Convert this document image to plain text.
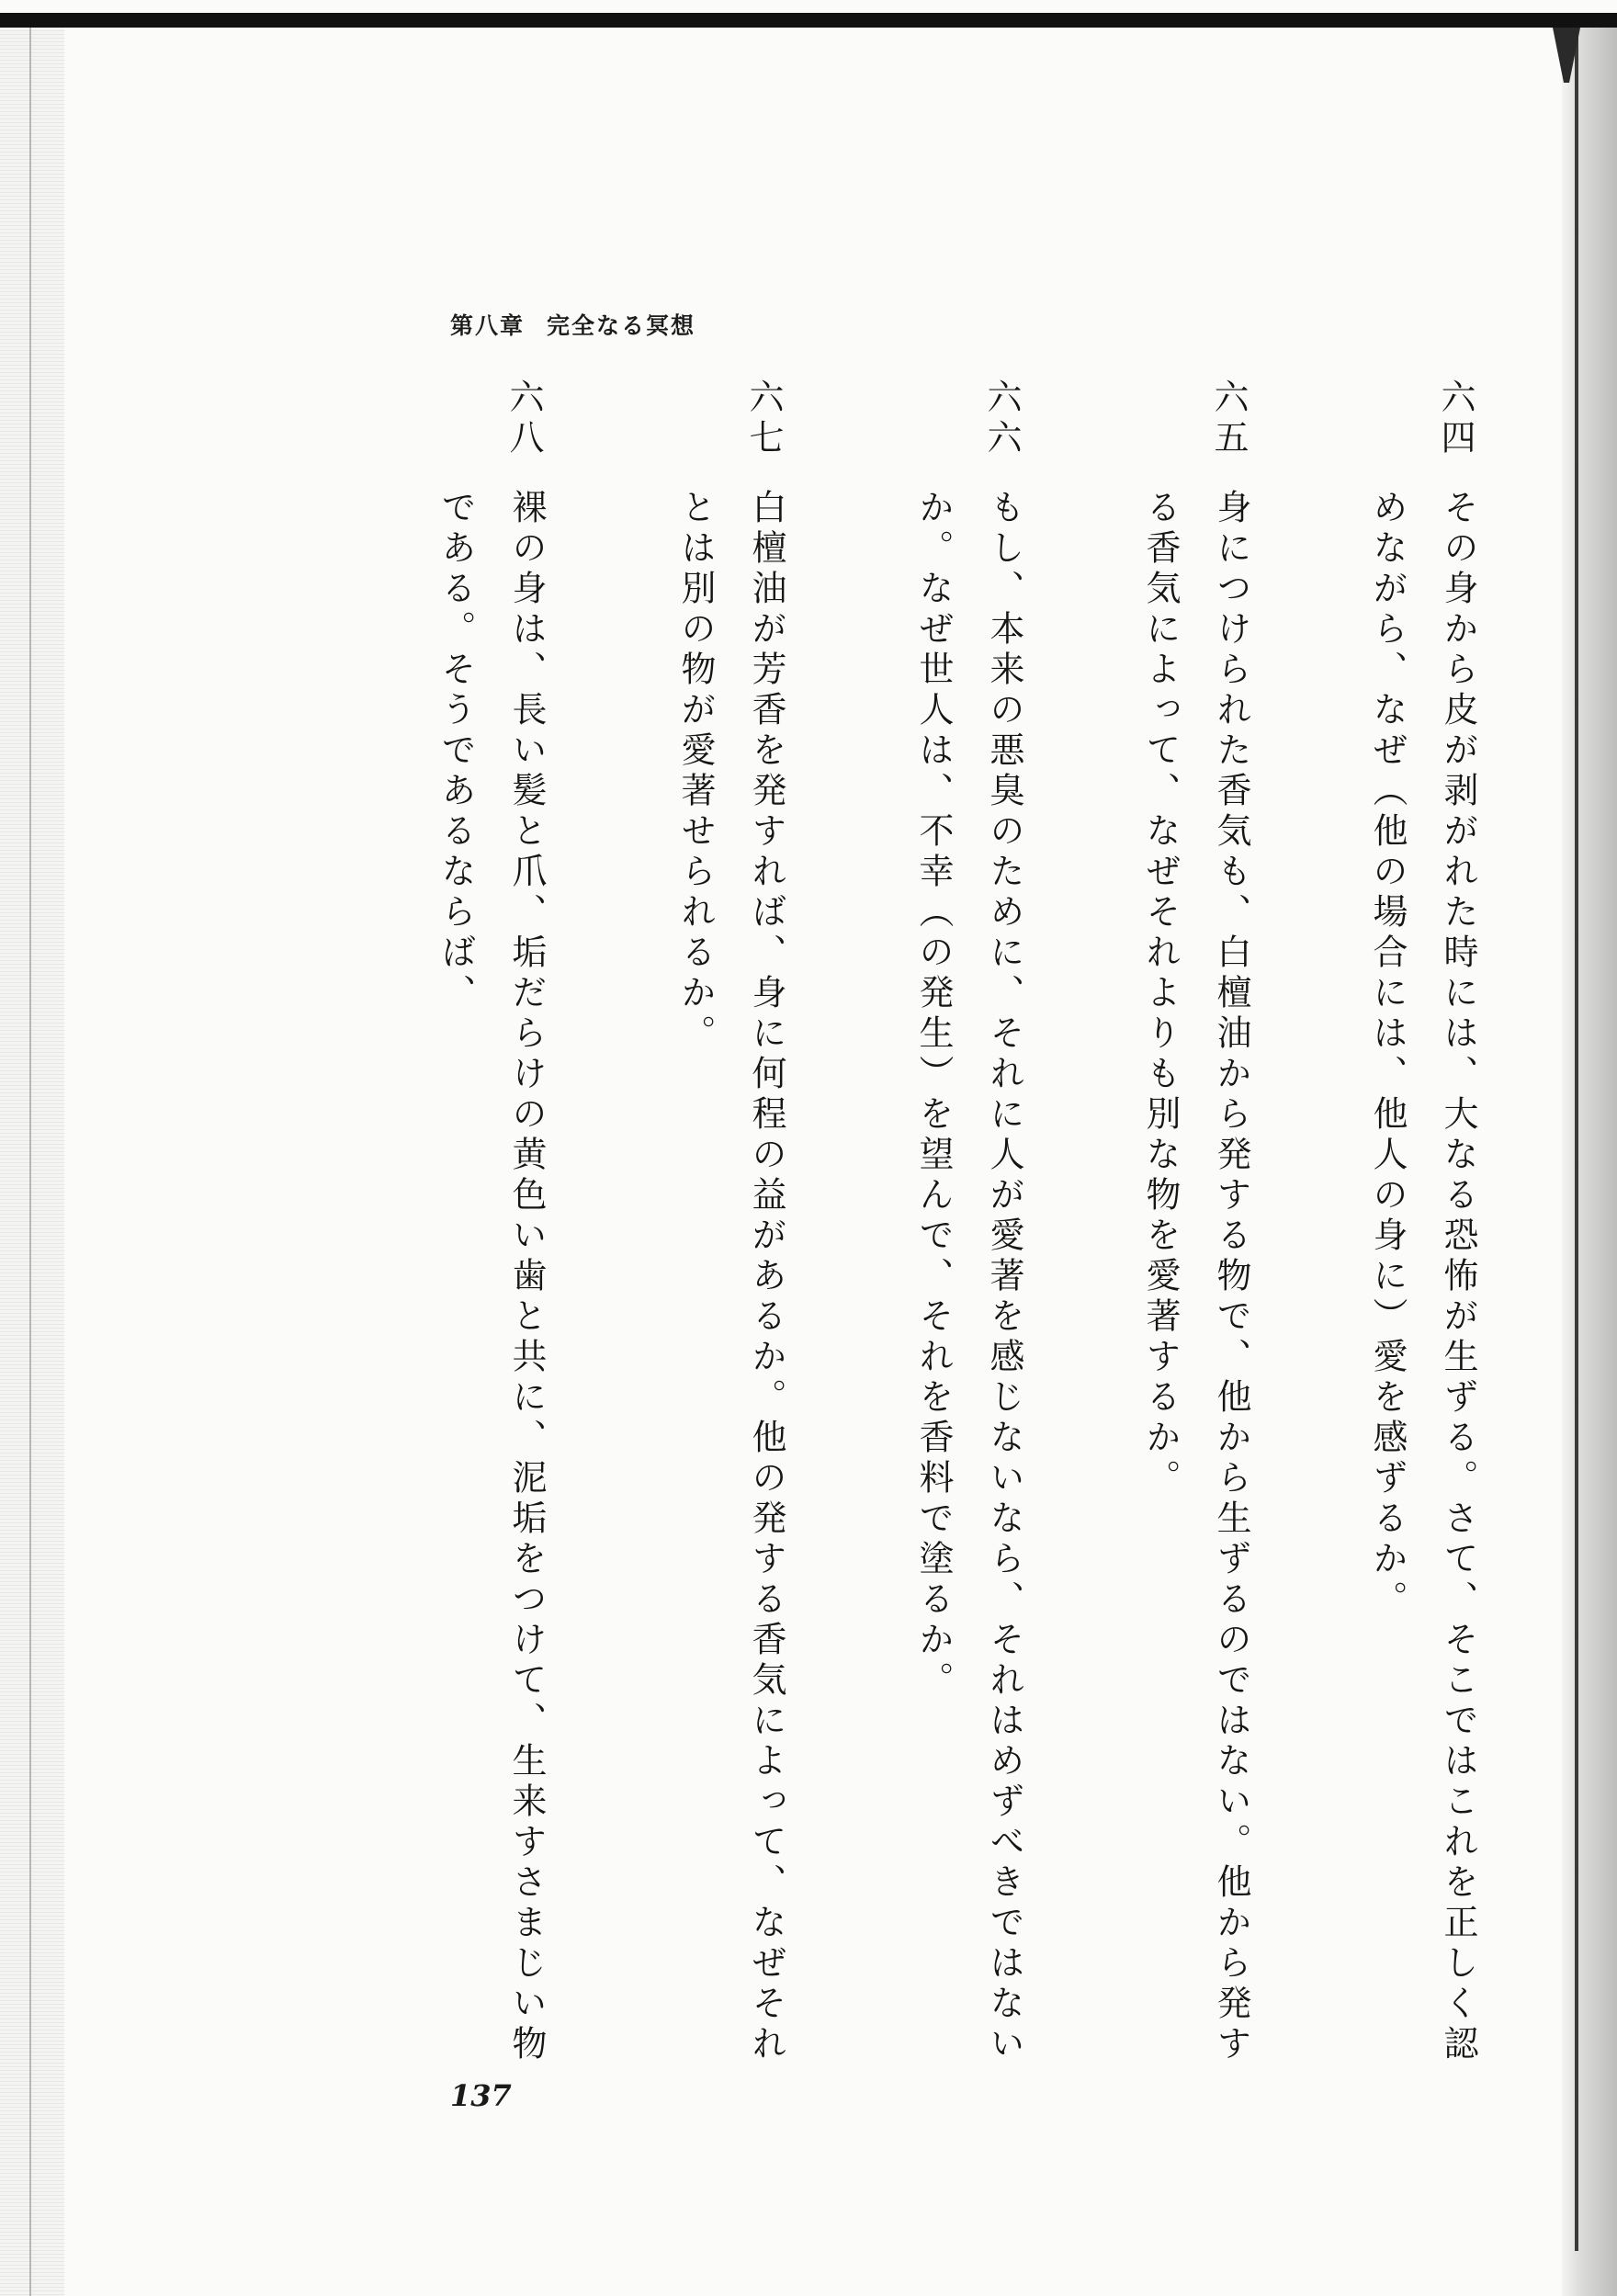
第八章 完全なる冥想
六四
その身から皮が剥がれた時には、大なる恐怖が生ずる。さて、そこではこれを正しく認
めながら、なぜ（他の場合には、他人の身に）愛を感ずるか。
六五
身につけられた香気も、白檀油から発する物で、他から生ずるのではない。他から発す
る香気によって、なぜそれよりも別な物を愛著するか。
六六
もし、本来の悪臭のために、それに人が愛著を感じないなら、それはめずべきではない
か。なぜ世人は、不幸（の発生）を望んで、それを香料で塗るか。
六七
白檀油が芳香を発すれば、身に何程の益があるか。他の発する香気によって、なぜそれ
とは別の物が愛著せられるか。
六八
裸の身は、長い髪と爪、垢だらけの黄色い歯と共に、泥垢をつけて、生来すさまじい物
である。そうであるならば、
137
